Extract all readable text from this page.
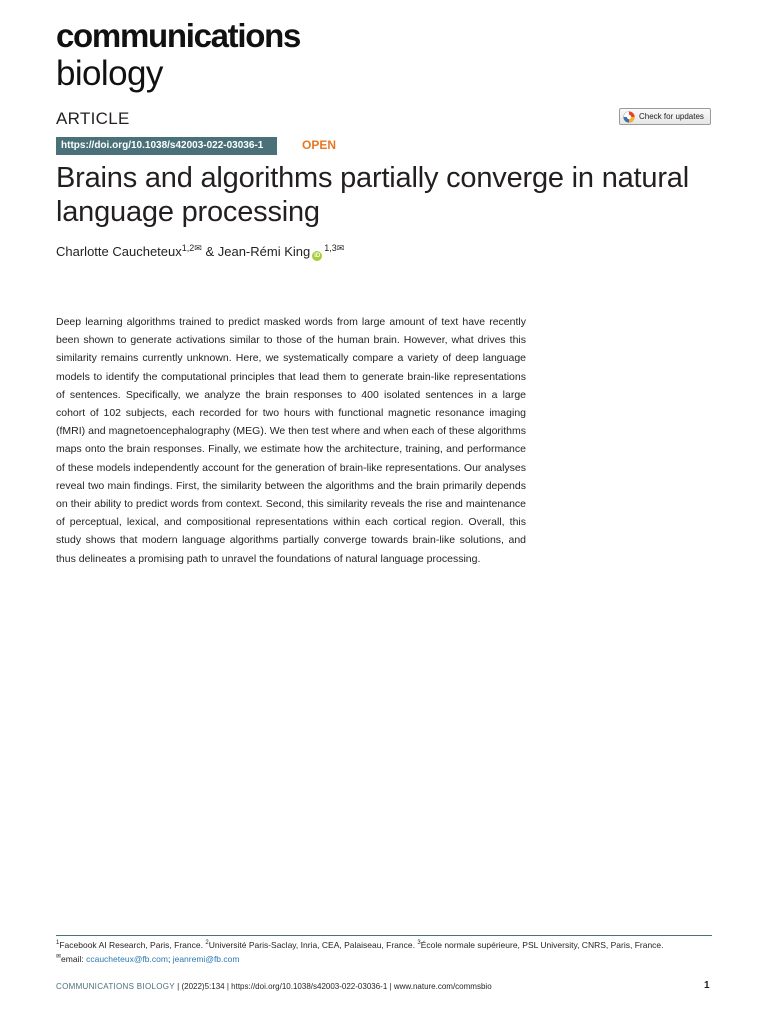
communications
biology
ARTICLE	Check for updates
https://doi.org/10.1038/s42003-022-03036-1	OPEN
Brains and algorithms partially converge in natural language processing
Charlotte Caucheteux$^{1,2✉}$ & Jean-Rémi King $iD^{1,3✉}$

Deep learning algorithms trained to predict masked words from large amount of text have recently been shown to generate activations similar to those of the human brain. However, what drives this similarity remains currently unknown. Here, we systematically compare a variety of deep language models to identify the computational principles that lead them to generate brain-like representations of sentences. Specifically, we analyze the brain responses to 400 isolated sentences in a large cohort of 102 subjects, each recorded for two hours with functional magnetic resonance imaging (fMRI) and magnetoencephalography (MEG). We then test where and when each of these algorithms maps onto the brain responses. Finally, we estimate how the architecture, training, and performance of these models independently account for the generation of brain-like representations. Our analyses reveal two main findings. First, the similarity between the algorithms and the brain primarily depends on their ability to predict words from context. Second, this similarity reveals the rise and maintenance of perceptual, lexical, and compositional representations within each cortical region. Overall, this study shows that modern language algorithms partially converge towards brain-like solutions, and thus delineates a promising path to unravel the foundations of natural language processing.

$^1$Facebook AI Research, Paris, France. $^2$Université Paris-Saclay, Inria, CEA, Palaiseau, France. $^3$École normale supérieure, PSL University, CNRS, Paris, France.
✉email: ccaucheteux@fb.com; jeanremi@fb.com
COMMUNICATIONS BIOLOGY | (2022)5:134 | https://doi.org/10.1038/s42003-022-03036-1 | www.nature.com/commsbio	1
